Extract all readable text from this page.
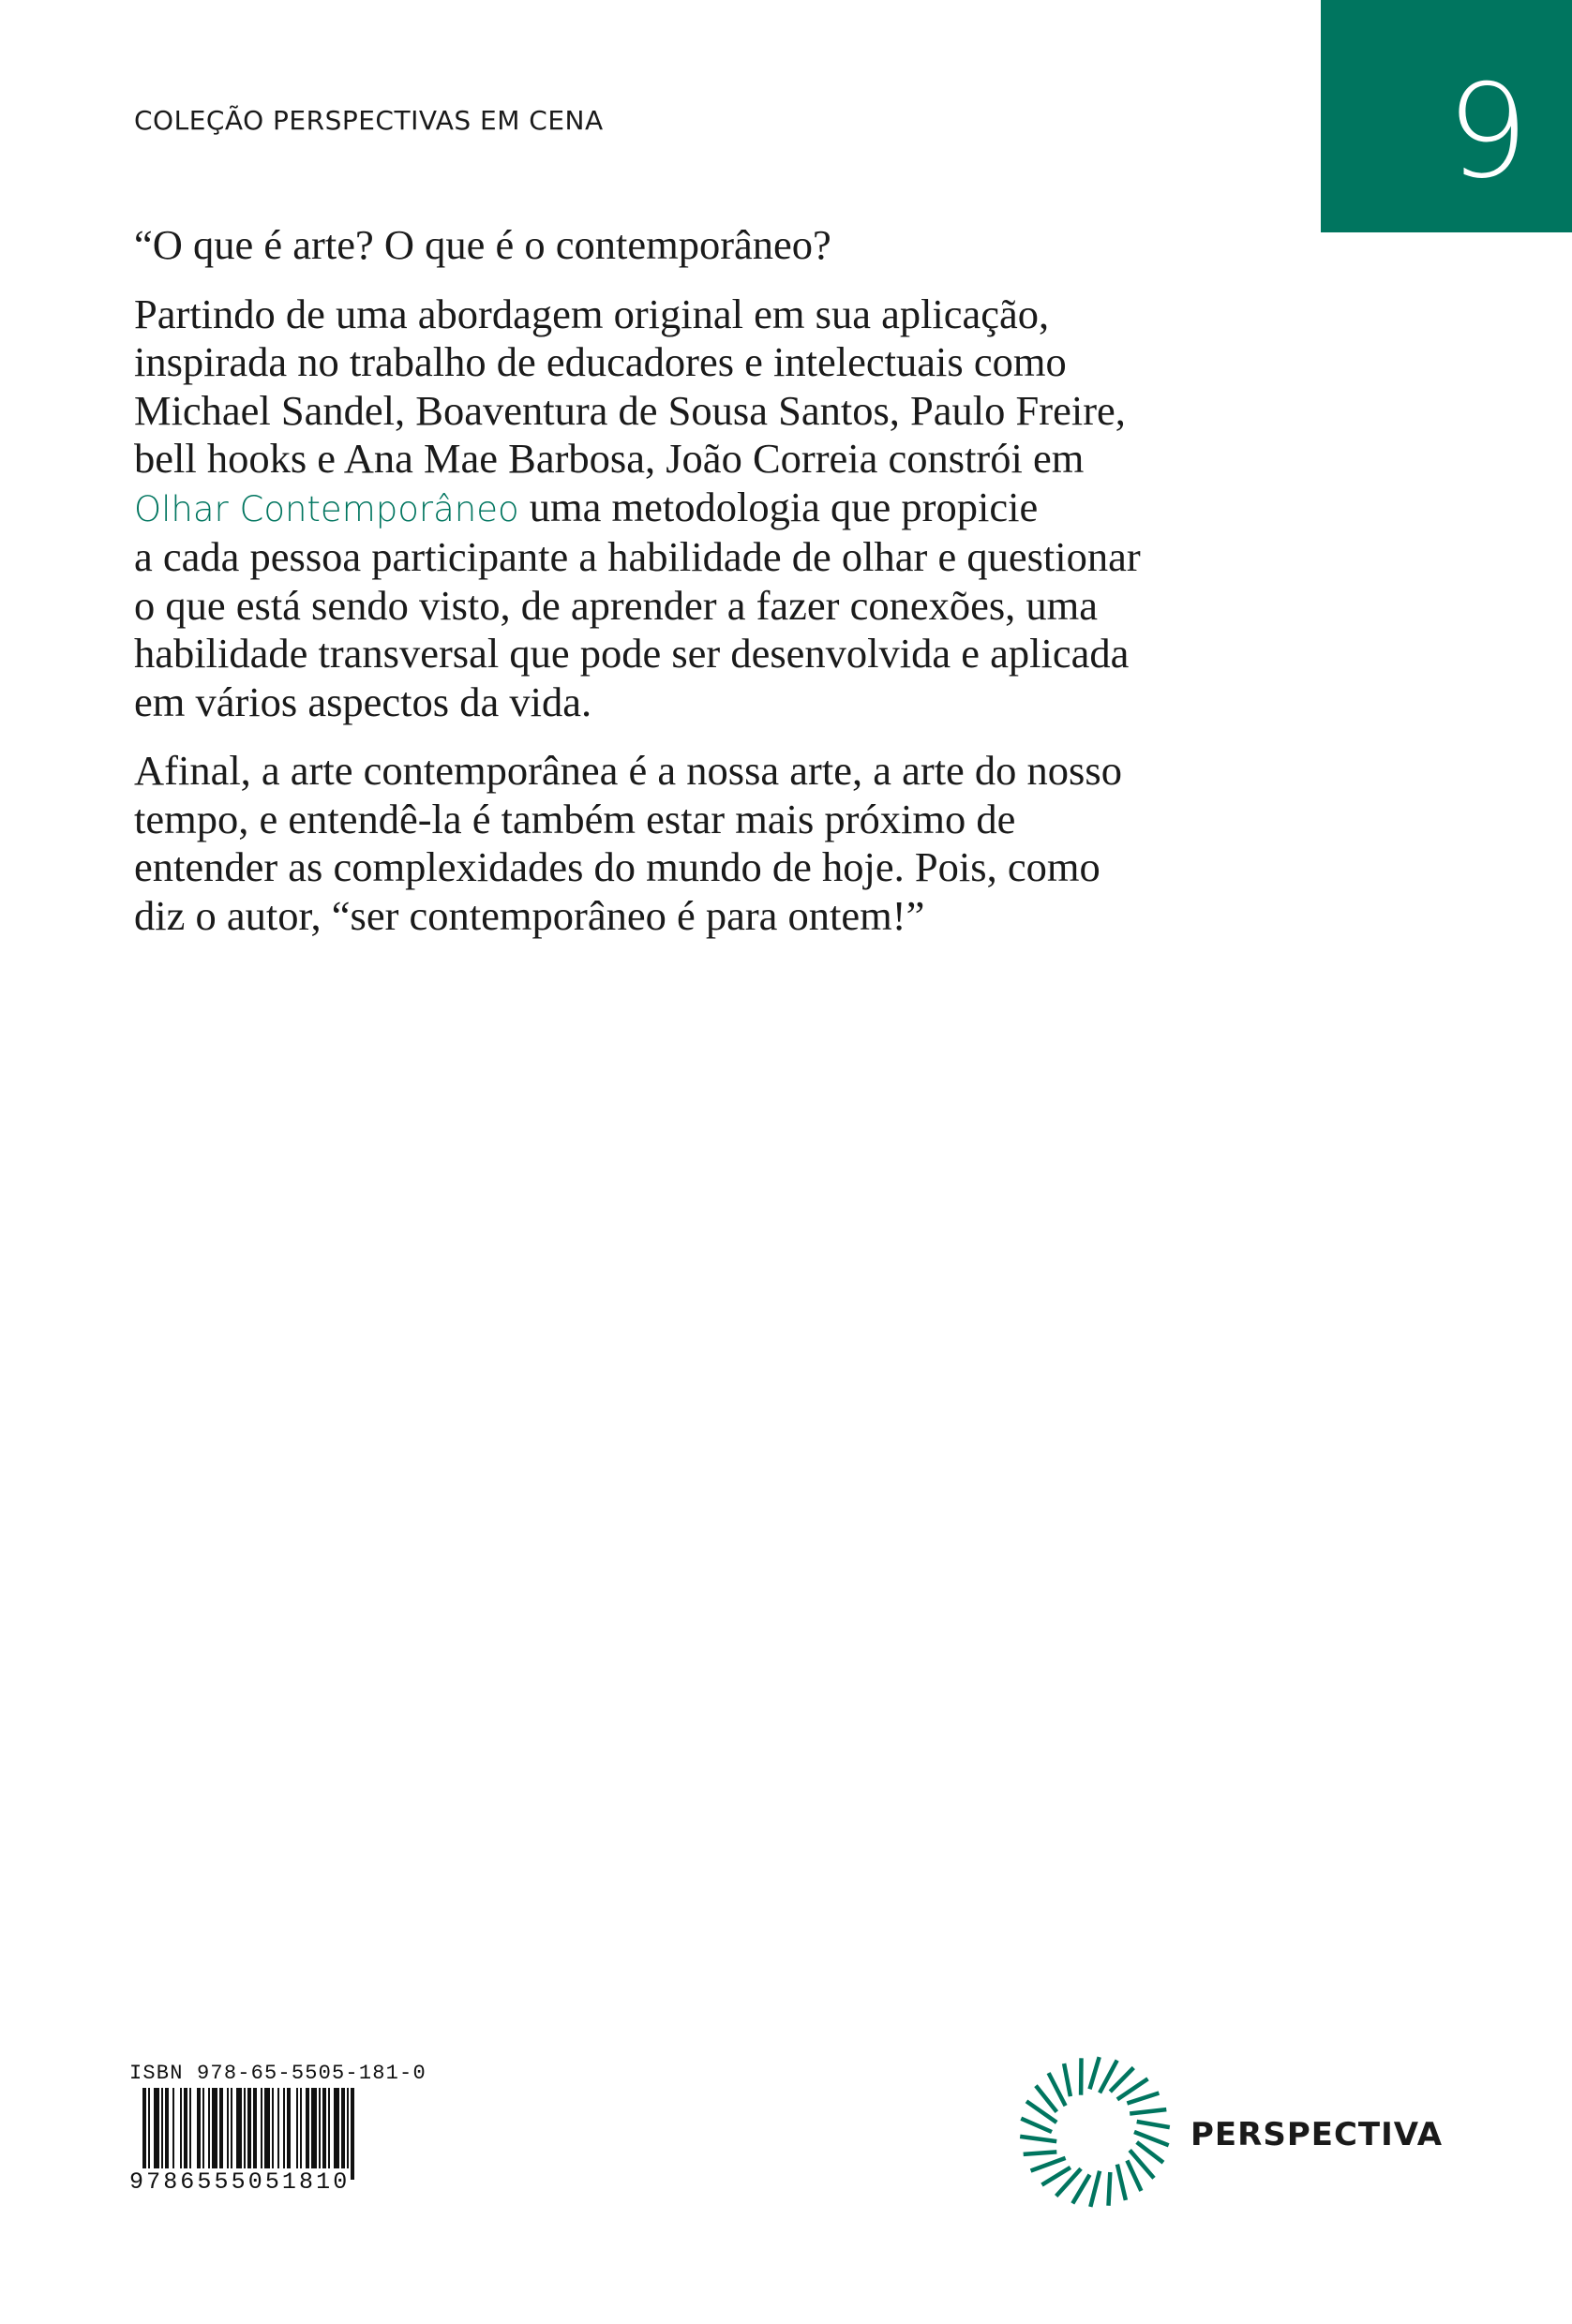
COLEÇÃO PERSPECTIVAS EM CENA	9

“O que é arte? O que é o contemporâneo?

Partindo de uma abordagem original em sua aplicação,
inspirada no trabalho de educadores e intelectuais como
Michael Sandel, Boaventura de Sousa Santos, Paulo Freire,
bell hooks e Ana Mae Barbosa, João Correia constrói em
Olhar Contemporâneo uma metodologia que propicie
a cada pessoa participante a habilidade de olhar e questionar
o que está sendo visto, de aprender a fazer conexões, uma
habilidade transversal que pode ser desenvolvida e aplicada
em vários aspectos da vida.

Afinal, a arte contemporânea é a nossa arte, a arte do nosso
tempo, e entendê-la é também estar mais próximo de
entender as complexidades do mundo de hoje. Pois, como
diz o autor, “ser contemporâneo é para ontem!”

ISBN 978-65-5505-181-0
9786555051810
PERSPECTIVA
